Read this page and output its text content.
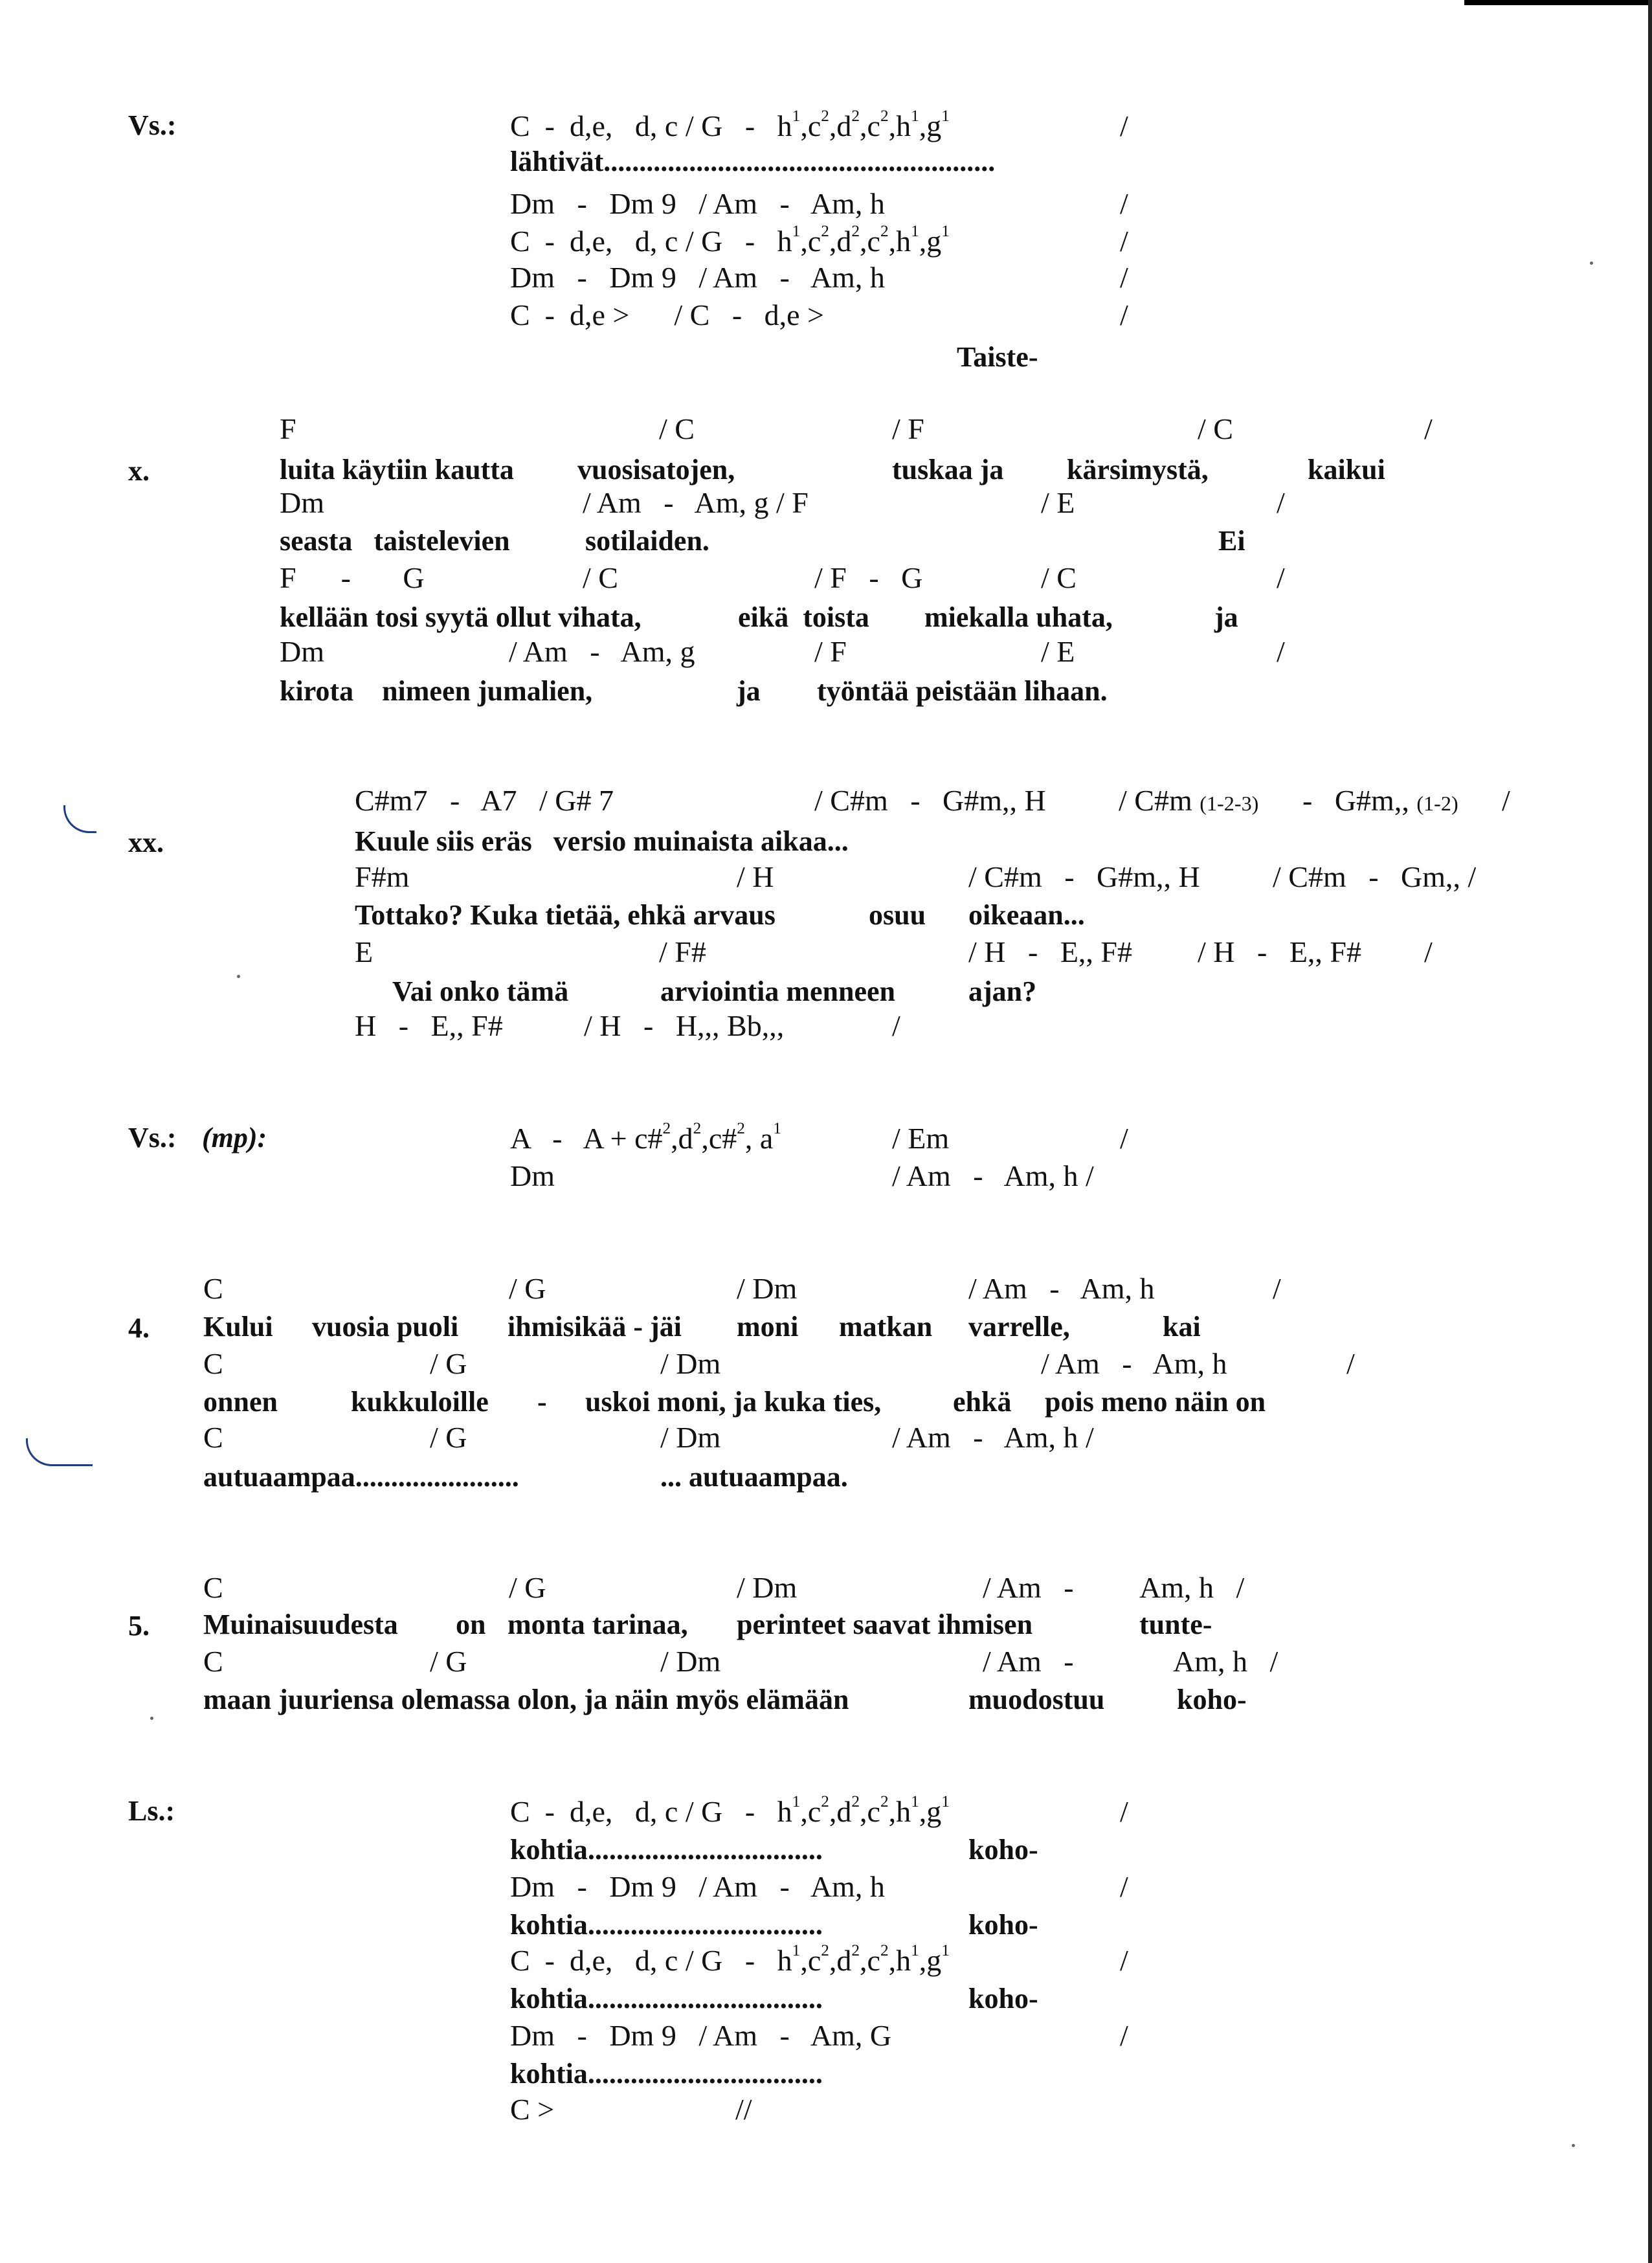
Vs.:	C  -  d,e,   d, c / G   -   $h^1,c^2,d^2,c^2,h^1,g^1$	/
lähtivät.......................................................
Dm   -   Dm 9   / Am   -   Am, h	/
C  -  d,e,   d, c / G   -   $h^1,c^2,d^2,c^2,h^1,g^1$	/
Dm   -   Dm 9   / Am   -   Am, h	/
C  -  d,e >      / C   -   d,e >	/
Taiste-
x.
F	/ C	/ F	/ C	/
luita käytiin kautta vuosisatojen,	tuskaa ja kärsimystä,	kaikui
Dm	/ Am   -   Am, g / F	/ E	/
seasta   taistelevien	sotilaiden.	Ei
F      -       G	/ C	/ F   -   G	/ C	/
kellään tosi syytä ollut vihata,	eikä  toista miekalla uhata,	ja
Dm	/ Am   -   Am, g	/ F	/ E	/
kirota    nimeen jumalien,	ja työntää peistään lihaan.
xx.
C#m7   -   A7   / G# 7	/ C#m   -   G#m,, H / C#m (1-2-3) -   G#m,, (1-2) /
Kuule siis eräs   versio muinaista aikaa...
F#m	/ H	/ C#m   -   G#m,, H / C#m   -   Gm,, /
Tottako? Kuka tietää, ehkä arvaus	osuu oikeaan...
E	/ F#	/ H   -   E,, F# / H   -   E,, F# /
Vai onko tämä	arviointia menneen	ajan?
H   -   E,, F#	/ H   -   H,,, Bb,,,	/
Vs.: (mp):	$A - A + c\#^2,d^2,c\#^2$, $a^1$	/ Em	/
Dm	/ Am   -   Am, h /
4.
C	/ G	/ Dm	/ Am   -   Am, h	/
Kului vuosia puoli ihmisikää - jäi moni matkan varrelle,	kai
C	/ G	/ Dm	/ Am   -   Am, h	/
onnen	kukkuloille - uskoi moni, ja kuka ties,	ehkä pois meno näin on
C	/ G	/ Dm	/ Am   -   Am, h /
autuaampaa.......................	... autuaampaa.
5.
C	/ G	/ Dm	/ Am   - Am, h   /
Muinaisuudesta on monta tarinaa, perinteet saavat ihmisen	tunte-
C	/ G	/ Dm	/ Am   -	Am, h   /
maan juuriensa olemassa olon, ja näin myös elämään	muodostuu	koho-
Ls.:	C  -  d,e,   d, c / G   -   $h^1,c^2,d^2,c^2,h^1,g^1$	/
kohtia.................................	koho-
Dm   -   Dm 9   / Am   -   Am, h	/
kohtia.................................	koho-
C  -  d,e,   d, c / G   -   $h^1,c^2,d^2,c^2,h^1,g^1$	/
kohtia.................................	koho-
Dm   -   Dm 9   / Am   -   Am, G	/
kohtia.................................
C >	//
